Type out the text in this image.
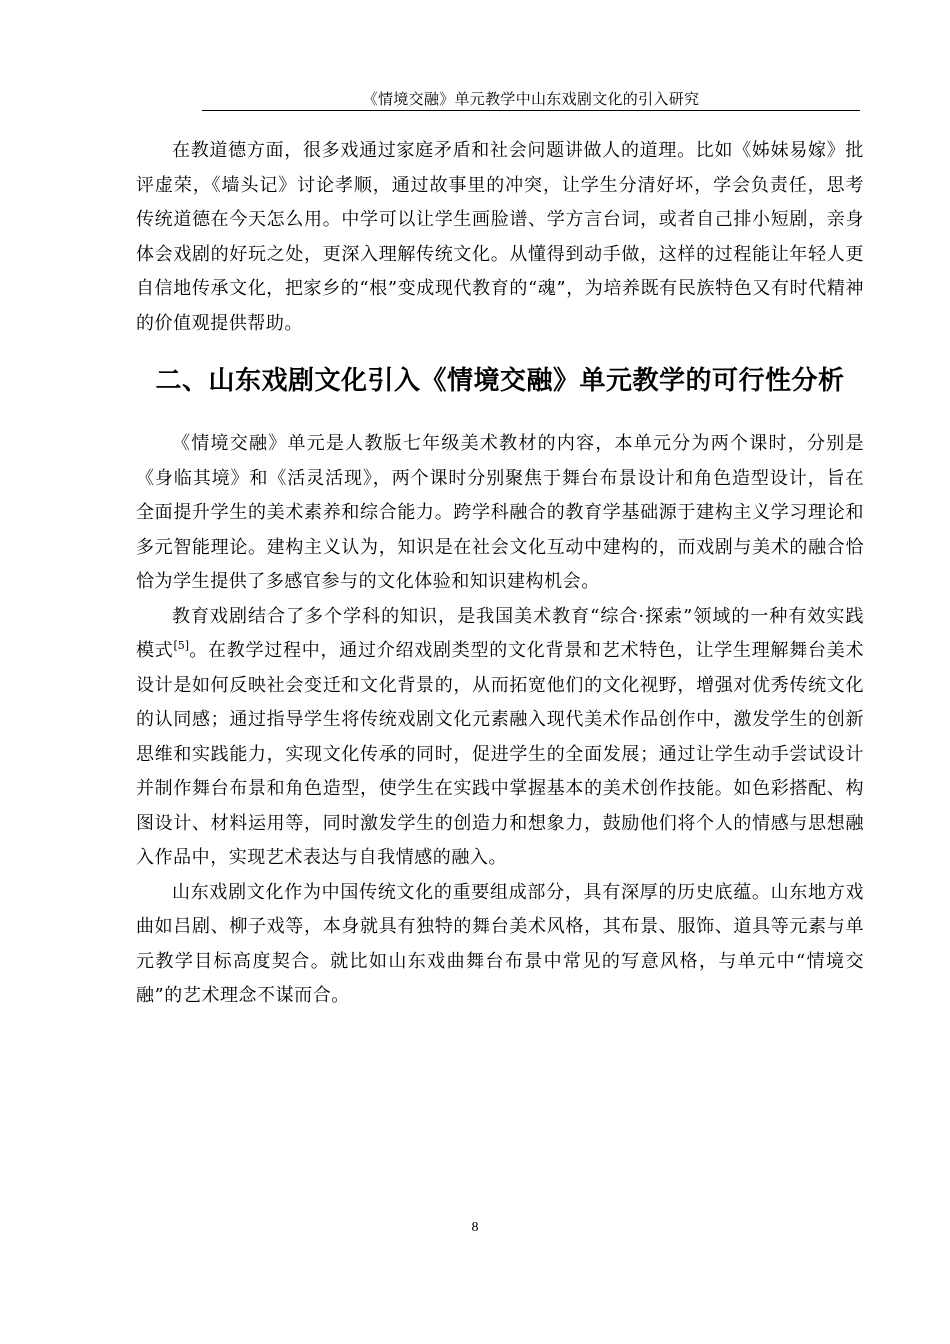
《情境交融》单元教学中山东戏剧文化的引入研究

在教道德方面，很多戏通过家庭矛盾和社会问题讲做人的道理。比如《姊妹易嫁》批评虚荣，《墙头记》讨论孝顺，通过故事里的冲突，让学生分清好坏，学会负责任，思考传统道德在今天怎么用。中学可以让学生画脸谱、学方言台词，或者自己排小短剧，亲身体会戏剧的好玩之处，更深入理解传统文化。从懂得到动手做，这样的过程能让年轻人更自信地传承文化，把家乡的“根”变成现代教育的“魂”，为培养既有民族特色又有时代精神的价值观提供帮助。

二、山东戏剧文化引入《情境交融》单元教学的可行性分析

《情境交融》单元是人教版七年级美术教材的内容，本单元分为两个课时，分别是《身临其境》和《活灵活现》，两个课时分别聚焦于舞台布景设计和角色造型设计，旨在全面提升学生的美术素养和综合能力。跨学科融合的教育学基础源于建构主义学习理论和多元智能理论。建构主义认为，知识是在社会文化互动中建构的，而戏剧与美术的融合恰恰为学生提供了多感官参与的文化体验和知识建构机会。

教育戏剧结合了多个学科的知识，是我国美术教育“综合·探索”领域的一种有效实践模式[5]。在教学过程中，通过介绍戏剧类型的文化背景和艺术特色，让学生理解舞台美术设计是如何反映社会变迁和文化背景的，从而拓宽他们的文化视野，增强对优秀传统文化的认同感；通过指导学生将传统戏剧文化元素融入现代美术作品创作中，激发学生的创新思维和实践能力，实现文化传承的同时，促进学生的全面发展；通过让学生动手尝试设计并制作舞台布景和角色造型，使学生在实践中掌握基本的美术创作技能。如色彩搭配、构图设计、材料运用等，同时激发学生的创造力和想象力，鼓励他们将个人的情感与思想融入作品中，实现艺术表达与自我情感的融入。

山东戏剧文化作为中国传统文化的重要组成部分，具有深厚的历史底蕴。山东地方戏曲如吕剧、柳子戏等，本身就具有独特的舞台美术风格，其布景、服饰、道具等元素与单元教学目标高度契合。就比如山东戏曲舞台布景中常见的写意风格，与单元中“情境交融”的艺术理念不谋而合。

8
